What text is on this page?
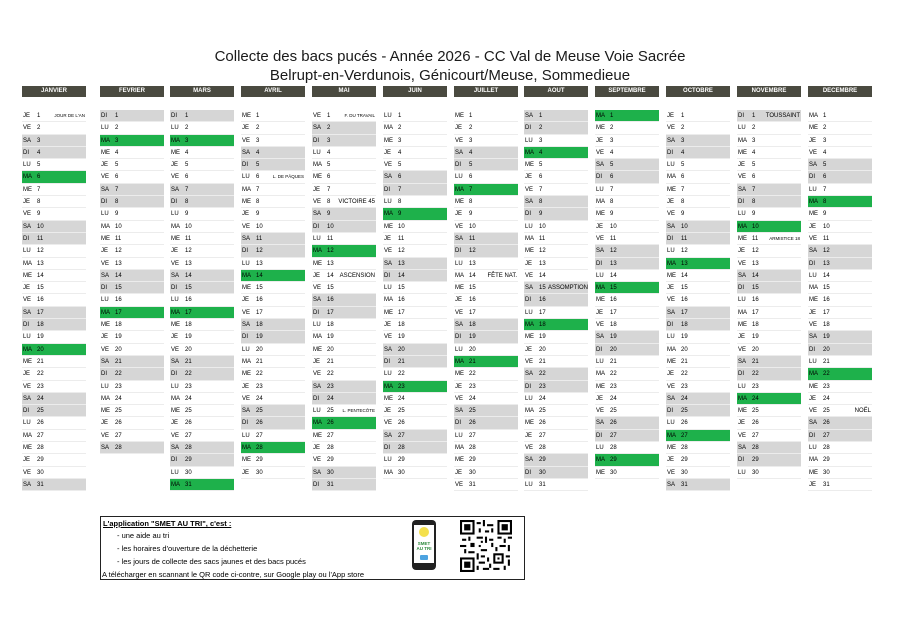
Collecte des bacs pucés - Année 2026 - CC Val de Meuse Voie Sacrée
Belrupt-en-Verdunois, Génicourt/Meuse, Sommedieue
JANVIER
JE	1	JOUR DE L'AN
VE 2
SA 3
DI	4
LU	5
MA 6
ME 7
JE	8
VE 9
SA 10
DI	11
LU	12
MA 13
ME 14
JE	15
VE 16
SA 17
DI	18
LU	19
MA 20
ME 21
JE	22
VE 23
SA 24
DI	25
LU	26
MA 27
ME 28
JE	29
VE 30
SA 31
FEVRIER
DI	1
LU	2
MA 3
ME 4
JE	5
VE 6
SA 7
DI	8
LU	9
MA 10
ME 11
JE	12
VE 13
SA 14
DI	15
LU	16
MA 17
ME 18
JE	19
VE 20
SA 21
DI	22
LU	23
MA 24
ME 25
JE	26
VE 27
SA 28
MARS
DI	1
LU	2
MA 3
ME 4
JE	5
VE 6
SA 7
DI	8
LU	9
MA 10
ME 11
JE	12
VE 13
SA 14
DI	15
LU	16
MA 17
ME 18
JE	19
VE 20
SA 21
DI	22
LU	23
MA 24
ME 25
JE	26
VE 27
SA 28
DI	29
LU	30
MA 31
AVRIL
ME 1
JE	2
VE 3
SA 4
DI	5
LU	6	L. DE PÂQUES
MA 7
ME 8
JE	9
VE 10
SA 11
DI	12
LU	13
MA 14
ME 15
JE	16
VE 17
SA 18
DI	19
LU	20
MA 21
ME 22
JE	23
VE 24
SA 25
DI	26
LU	27
MA 28
ME 29
JE	30
MAI
VE 1	F. DU TRAVAIL
SA 2
DI	3
LU	4
MA 5
ME 6
JE	7
VE 8	VICTOIRE 45
SA 9
DI	10
LU	11
MA 12
ME 13
JE	14 ASCENSION
VE 15
SA 16
DI	17
LU	18
MA 19
ME 20
JE	21
VE 22
SA 23
DI	24
LU	25	L. PENTECÔTE
MA 26
ME 27
JE	28
VE 29
SA 30
DI	31
JUIN
LU	1
MA 2
ME 3
JE	4
VE 5
SA 6
DI	7
LU	8
MA 9
ME 10
JE	11
VE 12
SA 13
DI	14
LU	15
MA 16
ME 17
JE	18
VE 19
SA 20
DI	21
LU	22
MA 23
ME 24
JE	25
VE 26
SA 27
DI	28
LU	29
MA 30
JUILLET
ME 1
JE	2
VE 3
SA 4
DI	5
LU	6
MA 7
ME 8
JE	9
VE 10
SA 11
DI	12
LU	13
MA 14	FÊTE NAT.
ME 15
JE	16
VE 17
SA 18
DI	19
LU	20
MA 21
ME 22
JE	23
VE 24
SA 25
DI	26
LU	27
MA 28
ME 29
JE	30
VE 31
AOUT
SA 1
DI	2
LU	3
MA 4
ME 5
JE	6
VE 7
SA 8
DI	9
LU	10
MA 11
ME 12
JE	13
VE 14
SA 15 ASSOMPTION
DI	16
LU	17
MA 18
ME 19
JE	20
VE 21
SA 22
DI	23
LU	24
MA 25
ME 26
JE	27
VE 28
SA 29
DI	30
LU	31
SEPTEMBRE
MA 1
ME 2
JE	3
VE 4
SA 5
DI	6
LU	7
MA 8
ME 9
JE	10
VE 11
SA 12
DI	13
LU	14
MA 15
ME 16
JE	17
VE 18
SA 19
DI	20
LU	21
MA 22
ME 23
JE	24
VE 25
SA 26
DI	27
LU	28
MA 29
ME 30
OCTOBRE
JE	1
VE 2
SA 3
DI	4
LU	5
MA 6
ME 7
JE	8
VE 9
SA 10
DI	11
LU	12
MA 13
ME 14
JE	15
VE 16
SA 17
DI	18
LU	19
MA 20
ME 21
JE	22
VE 23
SA 24
DI	25
LU	26
MA 27
ME 28
JE	29
VE 30
SA 31
NOVEMBRE
DI	1	TOUSSAINT
LU	2
MA 3
ME 4
JE	5
VE 6
SA 7
DI	8
LU	9
MA 10
ME 11	ARMISTICE 18
JE	12
VE 13
SA 14
DI	15
LU	16
MA 17
ME 18
JE	19
VE 20
SA 21
DI	22
LU	23
MA 24
ME 25
JE	26
VE 27
SA 28
DI	29
LU	30
DECEMBRE
MA 1
ME 2
JE	3
VE 4
SA 5
DI	6
LU	7
MA 8
ME 9
JE	10
VE 11
SA 12
DI	13
LU	14
MA 15
ME 16
JE	17
VE 18
SA 19
DI	20
LU	21
MA 22
ME 23
JE	24
VE 25	NOËL
SA 26
DI	27
LU	28
MA 29
ME 30
JE	31
L'application "SMET AU TRI", c'est :
- une aide au tri
- les horaires d'ouverture de la déchetterie
- les jours de collecte des sacs jaunes et des bacs pucés
A télécharger en scannant le QR code ci-contre, sur Google play ou l'App store
SMET
AU TRI
